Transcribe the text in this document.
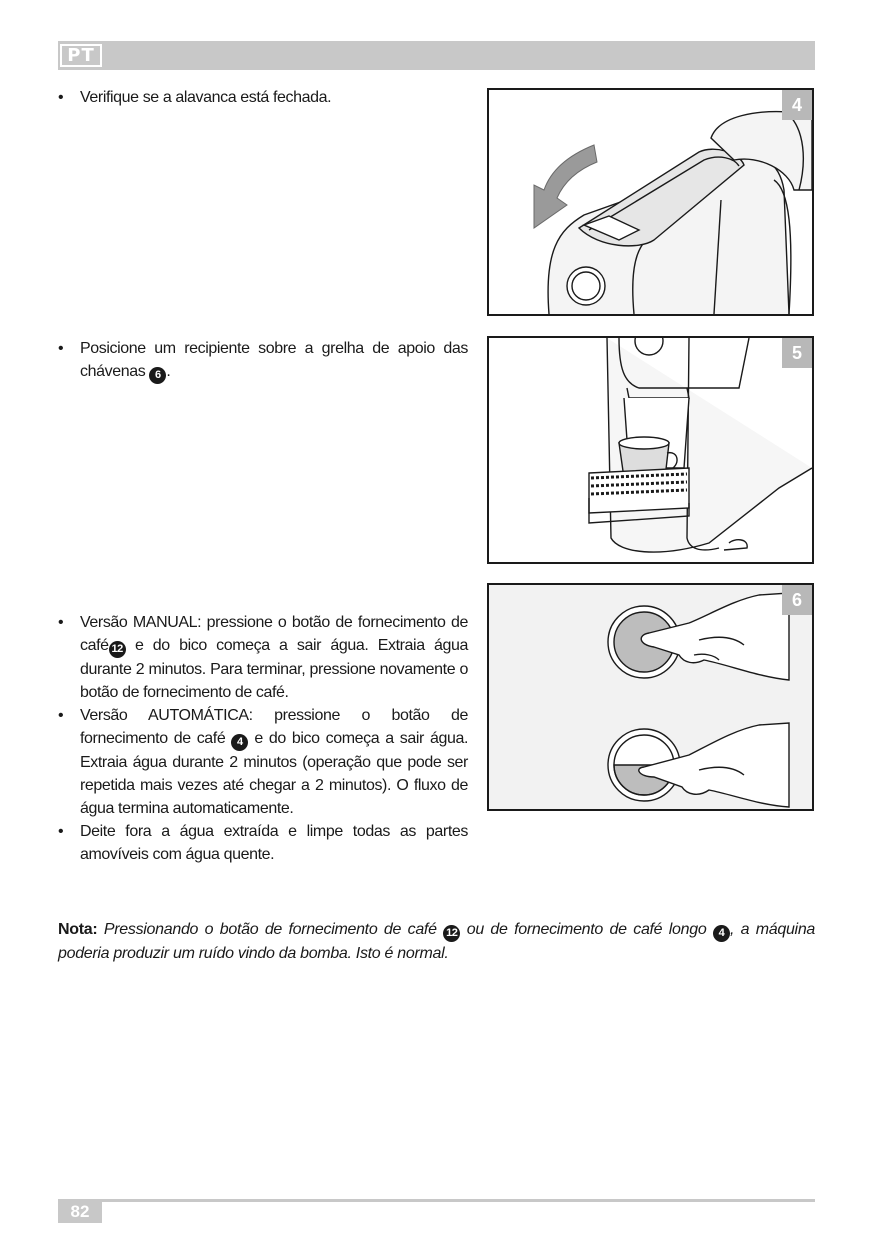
PT
• Verifique se a alavanca está fechada.	4
• Posicione um recipiente sobre a grelha de apoio das chávenas 6 .
5
• Versão MANUAL: pressione o botão de fornecimento de café 12 e do bico começa a sair água. Extraia água durante 2 minutos. Para terminar, pressione novamente o botão de fornecimento de café.
• Versão AUTOMÁTICA: pressione o botão de fornecimento de café 4 e do bico começa a sair água. Extraia água durante 2 minutos (operação que pode ser repetida mais vezes até chegar a 2 minutos). O fluxo de água termina automaticamente.
• Deite fora a água extraída e limpe todas as partes amovíveis com água quente.
6
Nota: Pressionando o botão de fornecimento de café 12 ou de fornecimento de café longo 4 , a máquina poderia produzir um ruído vindo da bomba. Isto é normal.
82
